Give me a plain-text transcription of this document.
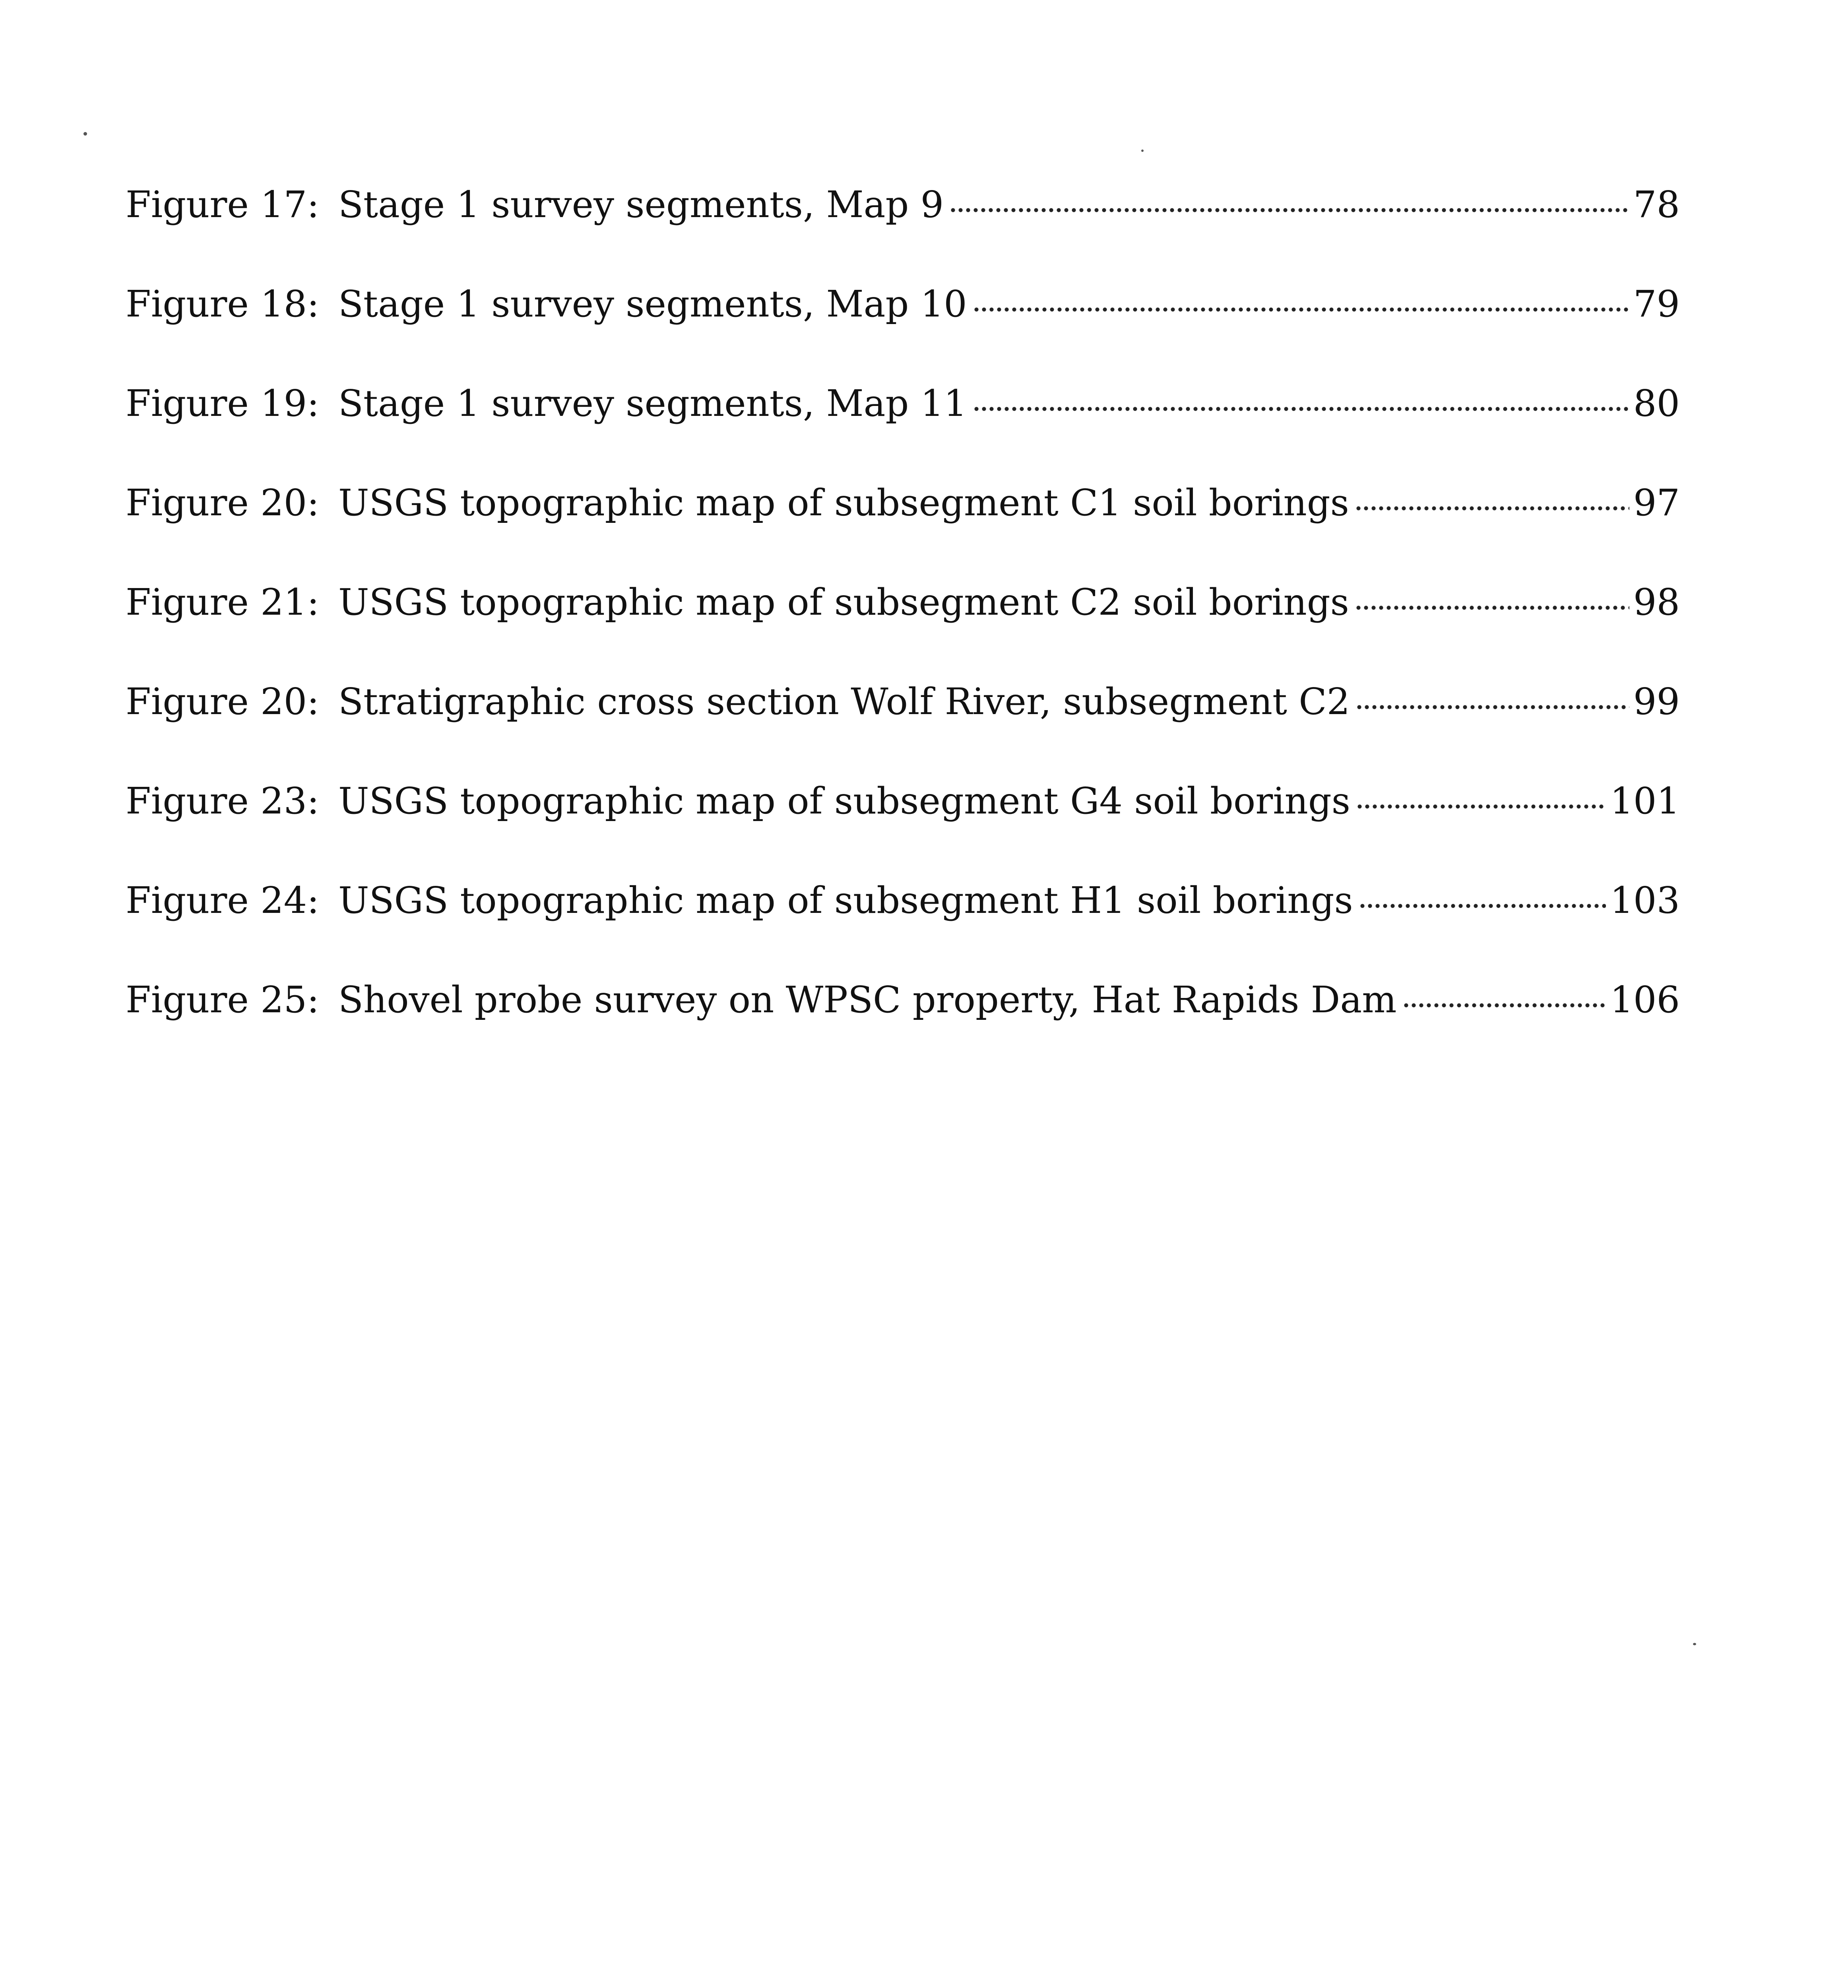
Figure 17: Stage 1 survey segments, Map 9	78
Figure 18: Stage 1 survey segments, Map 10	79
Figure 19: Stage 1 survey segments, Map 11	80
Figure 20: USGS topographic map of subsegment C1 soil borings	97
Figure 21: USGS topographic map of subsegment C2 soil borings	98
Figure 20: Stratigraphic cross section Wolf River, subsegment C2	99
Figure 23: USGS topographic map of subsegment G4 soil borings	101
Figure 24: USGS topographic map of subsegment H1 soil borings	103
Figure 25: Shovel probe survey on WPSC property, Hat Rapids Dam	106
